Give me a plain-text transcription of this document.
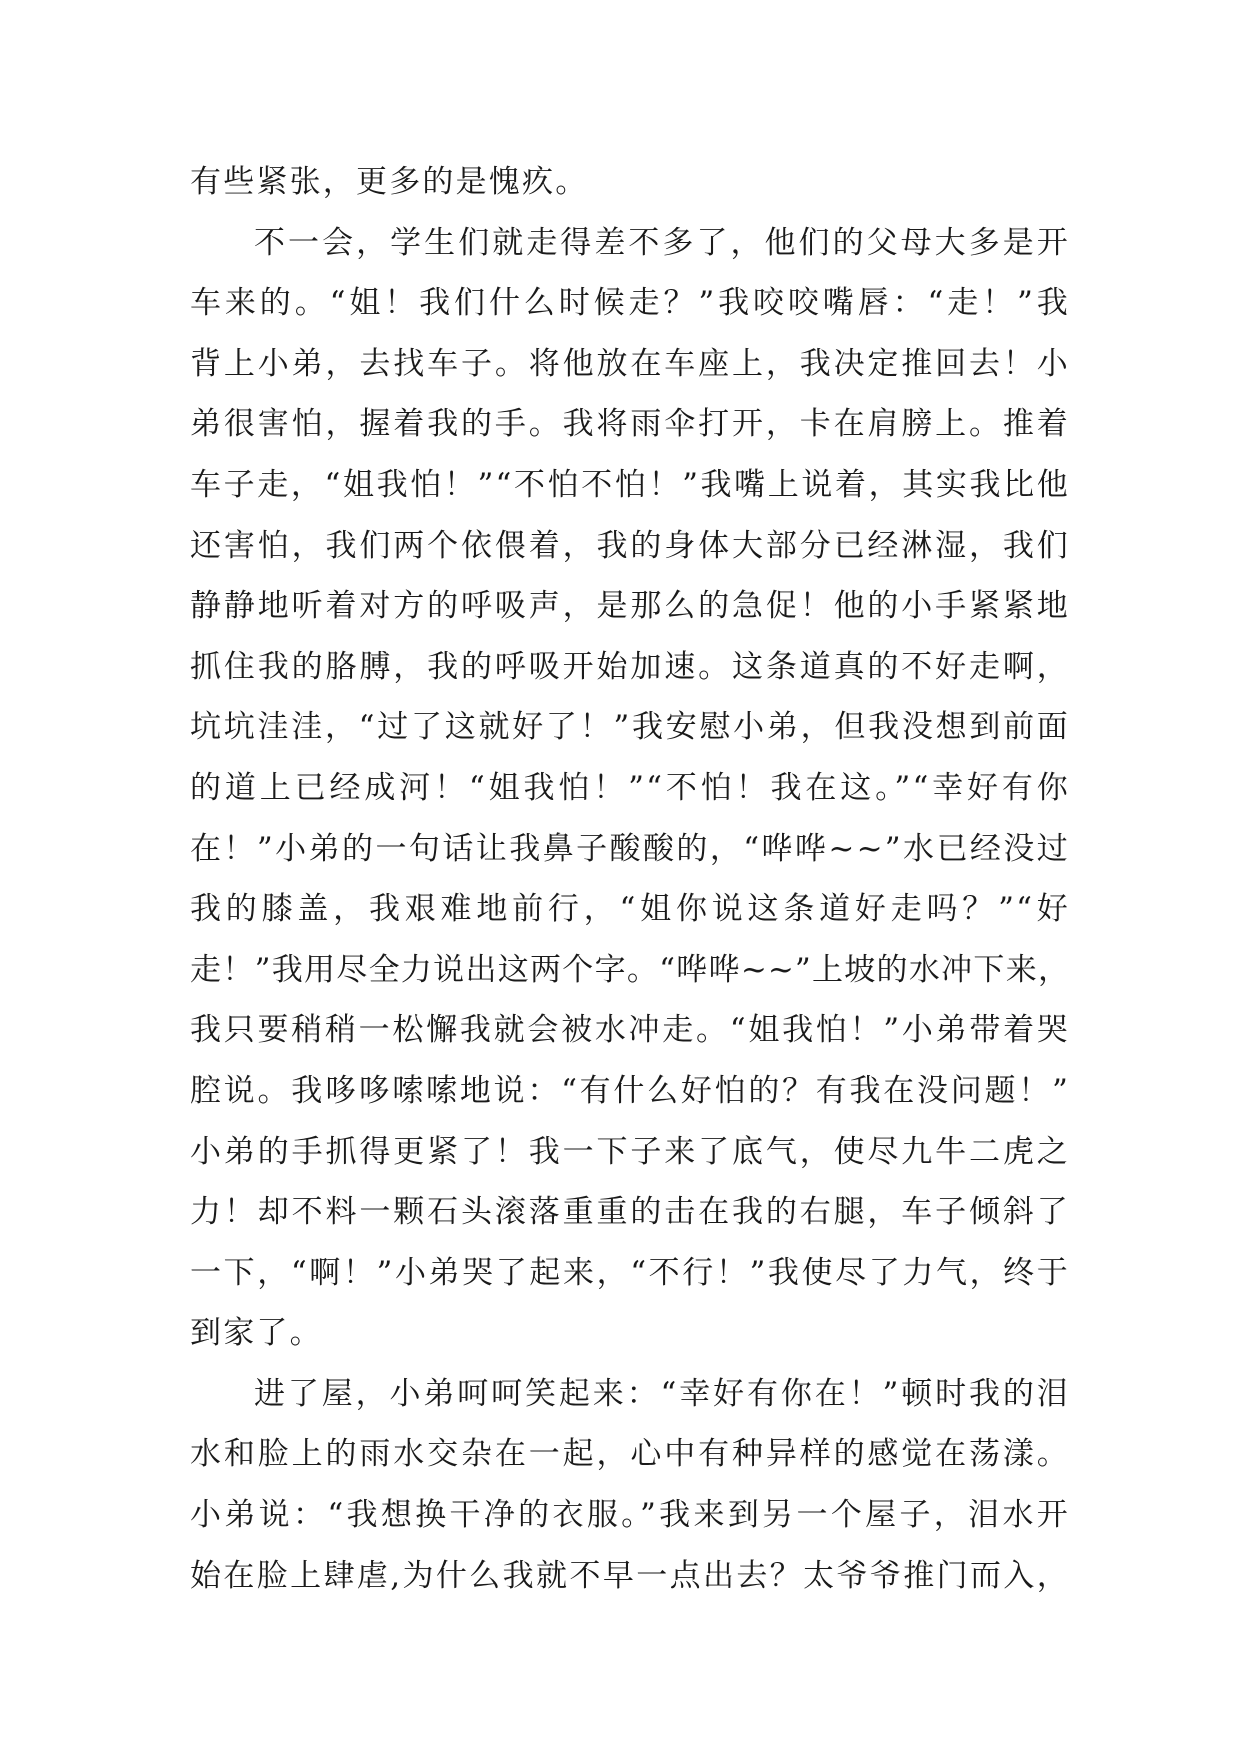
有些紧张，更多的是愧疚。
不一会，学生们就走得差不多了，他们的父母大多是开
车来的。“姐！我们什么时候走？”我咬咬嘴唇：“走！”我
背上小弟，去找车子。将他放在车座上，我决定推回去！小
弟很害怕，握着我的手。我将雨伞打开，卡在肩膀上。推着
车子走，“姐我怕！”“不怕不怕！”我嘴上说着，其实我比他
还害怕，我们两个依偎着，我的身体大部分已经淋湿，我们
静静地听着对方的呼吸声，是那么的急促！他的小手紧紧地
抓住我的胳膊，我的呼吸开始加速。这条道真的不好走啊，
坑坑洼洼，“过了这就好了！”我安慰小弟，但我没想到前面
的道上已经成河！“姐我怕！”“不怕！我在这。”“幸好有你
在！”小弟的一句话让我鼻子酸酸的，“哗哗~~”水已经没过
我的膝盖，我艰难地前行，“姐你说这条道好走吗？”“好
走！”我用尽全力说出这两个字。“哗哗~~”上坡的水冲下来，
我只要稍稍一松懈我就会被水冲走。“姐我怕！”小弟带着哭
腔说。我哆哆嗦嗦地说：“有什么好怕的？有我在没问题！”
小弟的手抓得更紧了！我一下子来了底气，使尽九牛二虎之
力！却不料一颗石头滚落重重的击在我的右腿，车子倾斜了
一下，“啊！”小弟哭了起来，“不行！”我使尽了力气，终于
到家了。
进了屋，小弟呵呵笑起来：“幸好有你在！”顿时我的泪
水和脸上的雨水交杂在一起，心中有种异样的感觉在荡漾。
小弟说：“我想换干净的衣服。”我来到另一个屋子，泪水开
始在脸上肆虐,为什么我就不早一点出去？太爷爷推门而入，
